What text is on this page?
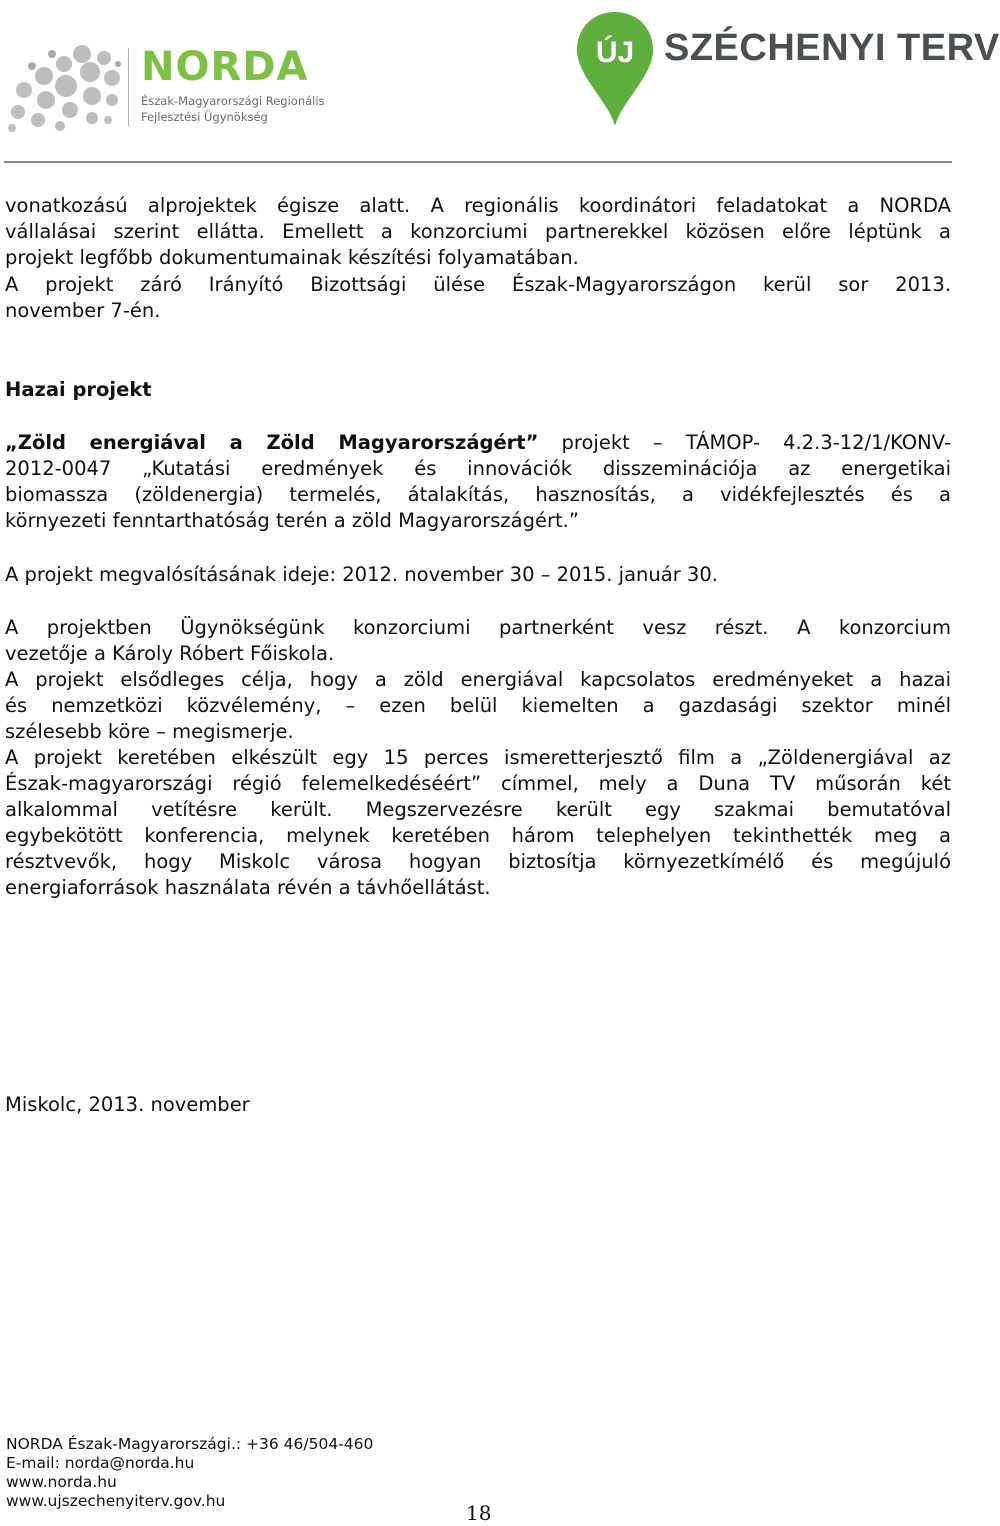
NORDA
Észak-Magyarországi Regionális
Fejlesztési Ügynökség
ÚJ SZÉCHENYI TERV
vonatkozású alprojektek égisze alatt. A regionális koordinátori feladatokat a NORDA
vállalásai szerint ellátta. Emellett a konzorciumi partnerekkel közösen előre léptünk a
projekt legfőbb dokumentumainak készítési folyamatában.
A projekt záró Irányító Bizottsági ülése Észak-Magyarországon kerül sor 2013.
november 7-én.
Hazai projekt
„Zöld energiával a Zöld Magyarországért” projekt – TÁMOP- 4.2.3-12/1/KONV-
2012-0047 „Kutatási eredmények és innovációk disszeminációja az energetikai
biomassza (zöldenergia) termelés, átalakítás, hasznosítás, a vidékfejlesztés és a
környezeti fenntarthatóság terén a zöld Magyarországért.”
A projekt megvalósításának ideje: 2012. november 30 – 2015. január 30.
A projektben Ügynökségünk konzorciumi partnerként vesz részt. A konzorcium
vezetője a Károly Róbert Főiskola.
A projekt elsődleges célja, hogy a zöld energiával kapcsolatos eredményeket a hazai
és nemzetközi közvélemény, – ezen belül kiemelten a gazdasági szektor minél
szélesebb köre – megismerje.
A projekt keretében elkészült egy 15 perces ismeretterjesztő film a „Zöldenergiával az
Észak-magyarországi régió felemelkedéséért” címmel, mely a Duna TV műsorán két
alkalommal vetítésre került. Megszervezésre került egy szakmai bemutatóval
egybekötött konferencia, melynek keretében három telephelyen tekinthették meg a
résztvevők, hogy Miskolc városa hogyan biztosítja környezetkímélő és megújuló
energiaforrások használata révén a távhőellátást.
Miskolc, 2013. november
NORDA Észak-Magyarországi.: +36 46/504-460
E-mail: norda@norda.hu
www.norda.hu
www.ujszechenyiterv.gov.hu	18
